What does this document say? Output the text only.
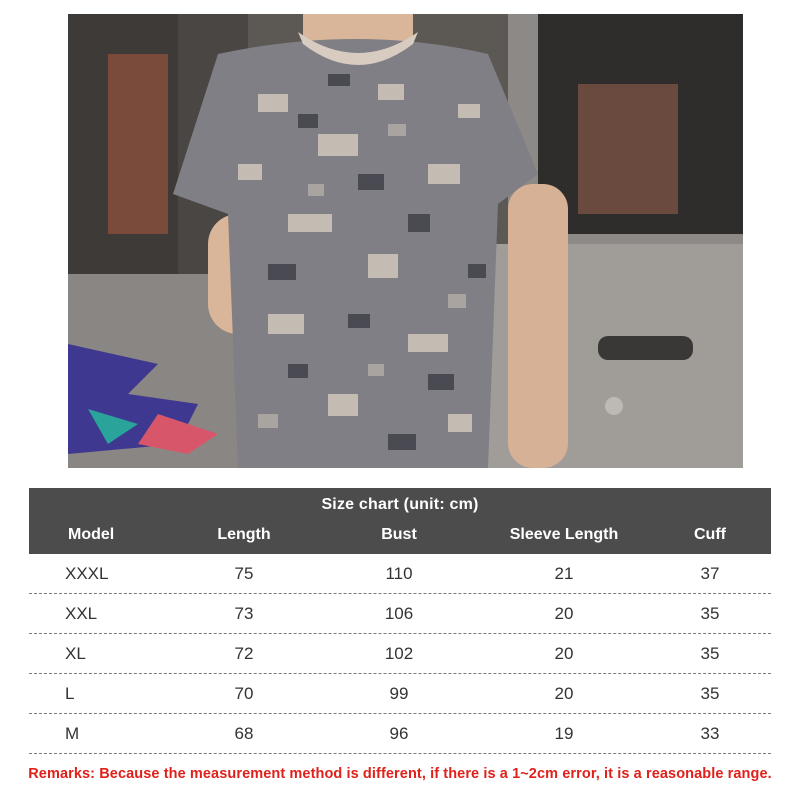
Size chart (unit: cm)
Model	Length	Bust	Sleeve Length	Cuff
XXXL	75	110	21	37
XXL	73	106	20	35
XL	72	102	20	35
L	70	99	20	35
M	68	96	19	33
Remarks: Because the measurement method is different, if there is a 1~2cm error, it is a reasonable range.
